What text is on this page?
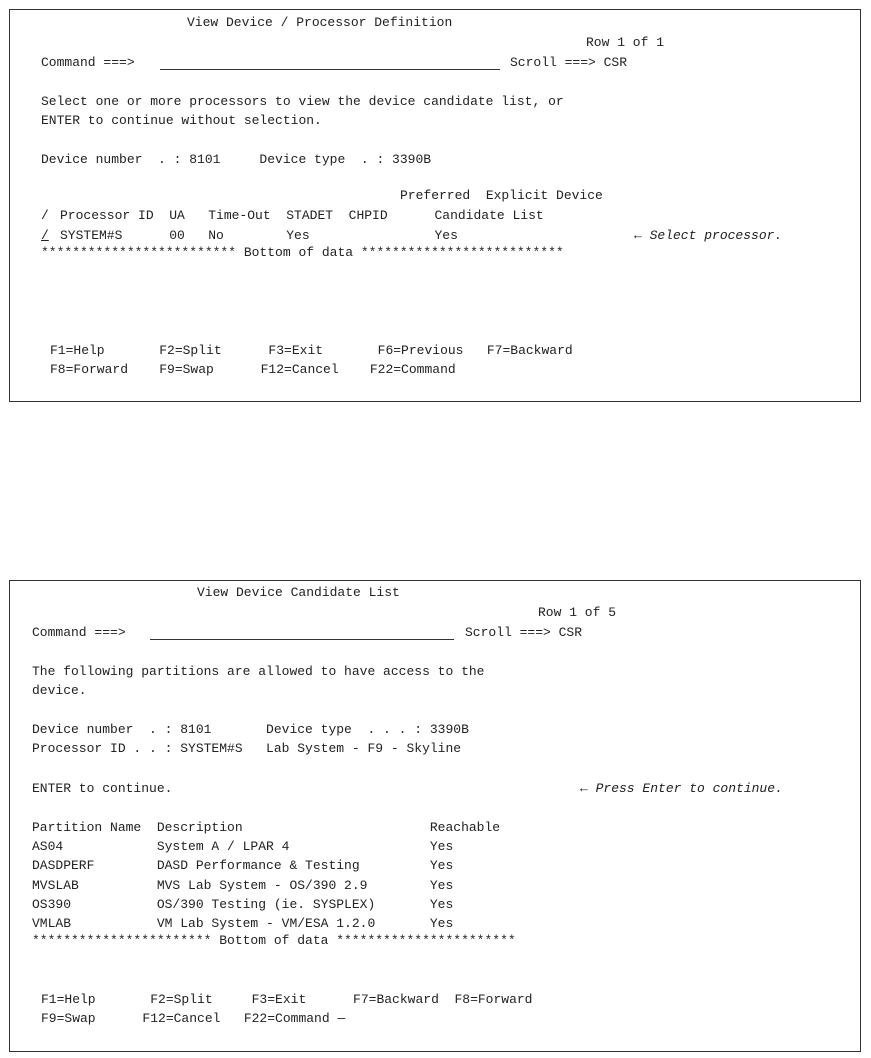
View Device / Processor Definition
Row 1 of 1
Command ===>	Scroll ===> CSR
Select one or more processors to view the device candidate list, or
ENTER to continue without selection.
Device number  . : 8101     Device type  . : 3390B
Preferred  Explicit Device
/ Processor ID  UA   Time-Out  STADET  CHPID      Candidate List
/ SYSTEM#S      00   No        Yes                Yes	← Select processor.
************************* Bottom of data **************************
F1=Help       F2=Split      F3=Exit       F6=Previous   F7=Backward
F8=Forward    F9=Swap      F12=Cancel    F22=Command
View Device Candidate List
Row 1 of 5
Command ===>	Scroll ===> CSR
The following partitions are allowed to have access to the
device.
Device number  . : 8101       Device type  . . . : 3390B
Processor ID . . : SYSTEM#S   Lab System - F9 - Skyline
ENTER to continue.	← Press Enter to continue.
Partition Name  Description                        Reachable
AS04            System A / LPAR 4                  Yes
DASDPERF        DASD Performance & Testing         Yes
MVSLAB          MVS Lab System - OS/390 2.9        Yes
OS390           OS/390 Testing (ie. SYSPLEX)       Yes
VMLAB           VM Lab System - VM/ESA 1.2.0       Yes
*********************** Bottom of data ***********************
F1=Help       F2=Split     F3=Exit      F7=Backward  F8=Forward
F9=Swap      F12=Cancel   F22=Command —
